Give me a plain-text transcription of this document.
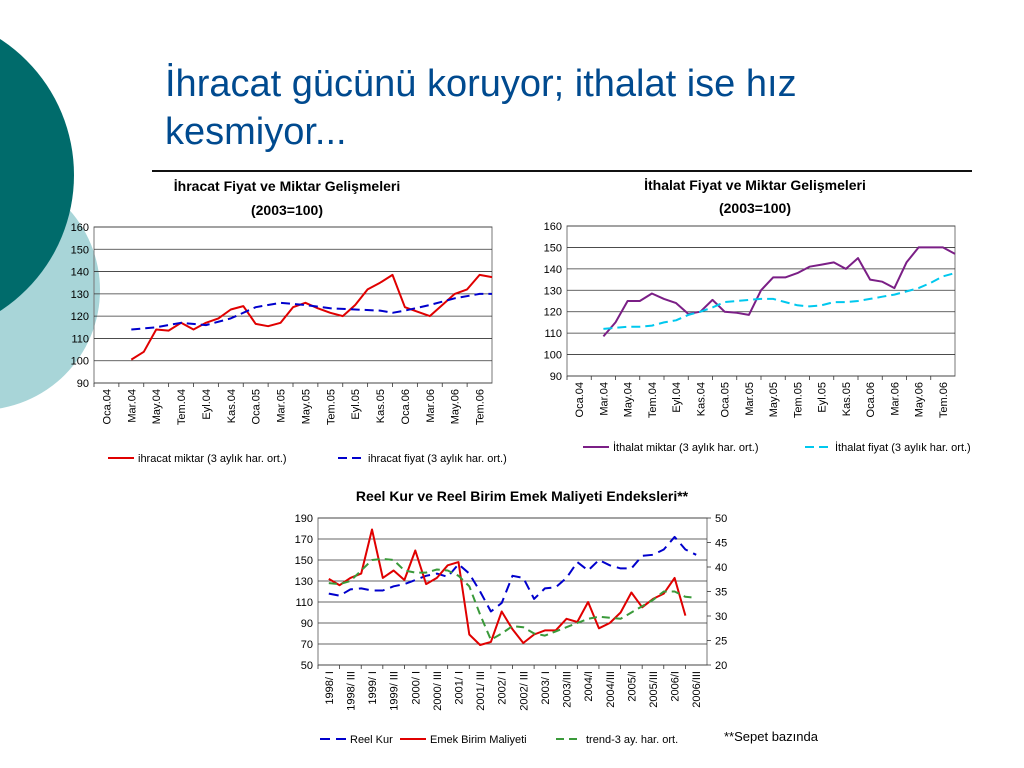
İhracat gücünü koruyor; ithalat ise hız
kesmiyor...
İhracat Fiyat ve Miktar Gelişmeleri
(2003=100)
160
150
140
130
120
110
100
90
Oca.04 Mar.04 May.04 Tem.04 Eyl.04 Kas.04 Oca.05 Mar.05 May.05 Tem.05 Eyl.05 Kas.05 Oca.06 Mar.06 May.06 Tem.06
ihracat miktar (3 aylık har. ort.)	ihracat fiyat (3 aylık har. ort.)
İthalat Fiyat ve Miktar Gelişmeleri
(2003=100)
160
150
140
130
120
110
100
90
Oca.04 Mar.04 May.04 Tem.04 Eyl.04 Kas.04 Oca.05 Mar.05 May.05 Tem.05 Eyl.05 Kas.05 Oca.06 Mar.06 May.06 Tem.06
İthalat miktar (3 aylık har. ort.)	İthalat fiyat (3 aylık har. ort.)
Reel Kur ve Reel Birim Emek Maliyeti Endeksleri**
190
170
150
130
110
90
70
50
50
45
40
35
30
25
20
1998/ I 1998/ III 1999/ I 1999/ III 2000/ I 2000/ III 2001/ I 2001/ III 2002/ I 2002/ III 2003/ I 2003/III 2004/I 2004/III 2005/I 2005/III 2006/I 2006/III
Reel Kur	Emek Birim Maliyeti	trend-3 ay. har. ort.	**Sepet bazında
